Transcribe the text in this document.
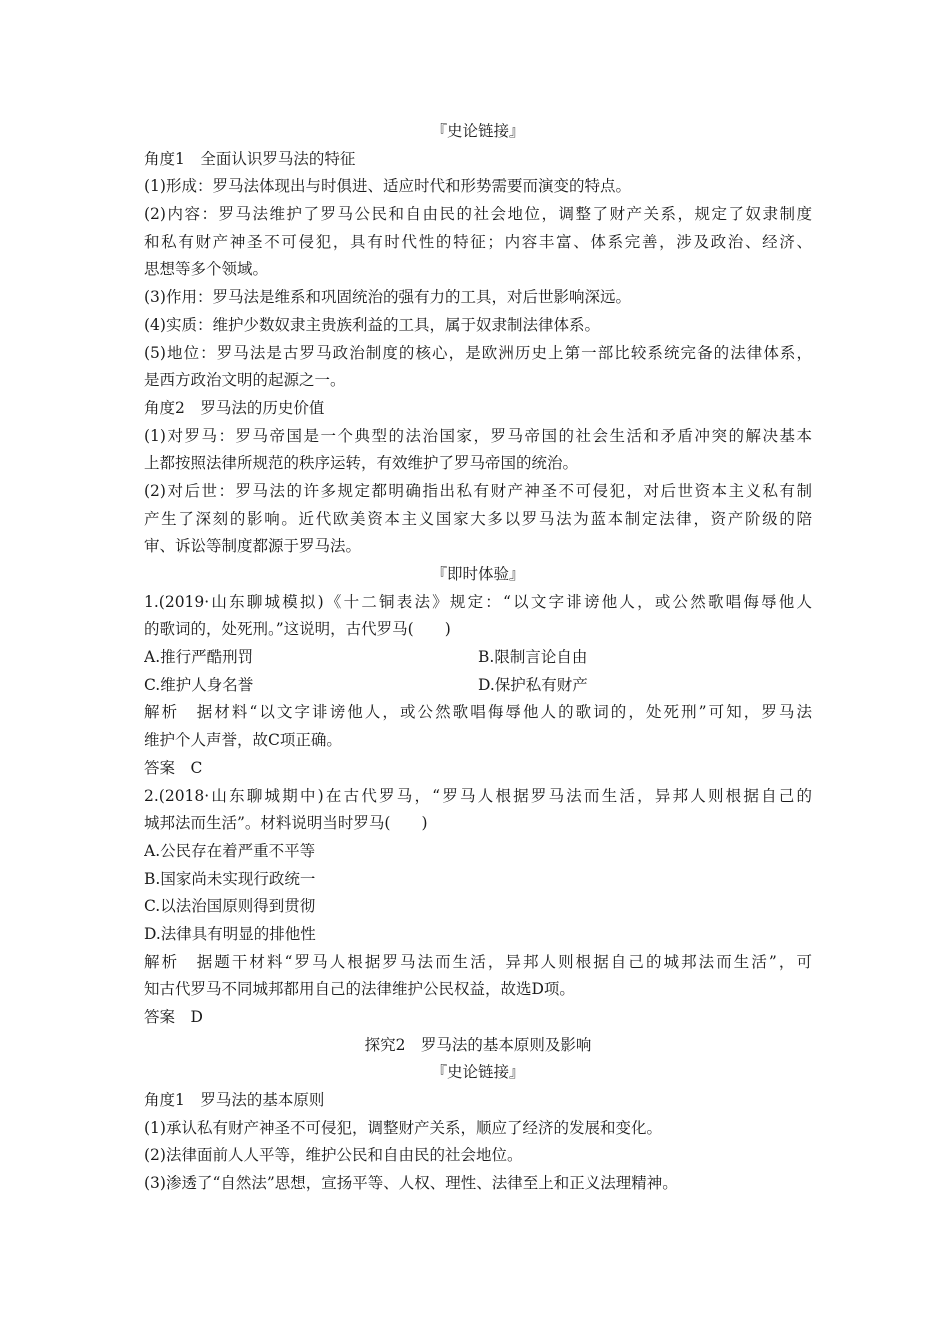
『史论链接』
角度1　全面认识罗马法的特征
(1)形成：罗马法体现出与时俱进、适应时代和形势需要而演变的特点。
(2)内容：罗马法维护了罗马公民和自由民的社会地位，调整了财产关系，规定了奴隶制度
和私有财产神圣不可侵犯，具有时代性的特征；内容丰富、体系完善，涉及政治、经济、
思想等多个领域。
(3)作用：罗马法是维系和巩固统治的强有力的工具，对后世影响深远。
(4)实质：维护少数奴隶主贵族利益的工具，属于奴隶制法律体系。
(5)地位：罗马法是古罗马政治制度的核心，是欧洲历史上第一部比较系统完备的法律体系，
是西方政治文明的起源之一。
角度2　罗马法的历史价值
(1)对罗马：罗马帝国是一个典型的法治国家，罗马帝国的社会生活和矛盾冲突的解决基本
上都按照法律所规范的秩序运转，有效维护了罗马帝国的统治。
(2)对后世：罗马法的许多规定都明确指出私有财产神圣不可侵犯，对后世资本主义私有制
产生了深刻的影响。近代欧美资本主义国家大多以罗马法为蓝本制定法律，资产阶级的陪
审、诉讼等制度都源于罗马法。
『即时体验』
1.(2019·山东聊城模拟)《十二铜表法》规定：“以文字诽谤他人，或公然歌唱侮辱他人
的歌词的，处死刑。”这说明，古代罗马(　　)
A.推行严酷刑罚	B.限制言论自由
C.维护人身名誉	D.保护私有财产
解析　据材料“以文字诽谤他人，或公然歌唱侮辱他人的歌词的，处死刑”可知，罗马法
维护个人声誉，故C项正确。
答案　C
2.(2018·山东聊城期中)在古代罗马，“罗马人根据罗马法而生活，异邦人则根据自己的
城邦法而生活”。材料说明当时罗马(　　)
A.公民存在着严重不平等
B.国家尚未实现行政统一
C.以法治国原则得到贯彻
D.法律具有明显的排他性
解析　据题干材料“罗马人根据罗马法而生活，异邦人则根据自己的城邦法而生活”，可
知古代罗马不同城邦都用自己的法律维护公民权益，故选D项。
答案　D
探究2　罗马法的基本原则及影响
『史论链接』
角度1　罗马法的基本原则
(1)承认私有财产神圣不可侵犯，调整财产关系，顺应了经济的发展和变化。
(2)法律面前人人平等，维护公民和自由民的社会地位。
(3)渗透了“自然法”思想，宣扬平等、人权、理性、法律至上和正义法理精神。
